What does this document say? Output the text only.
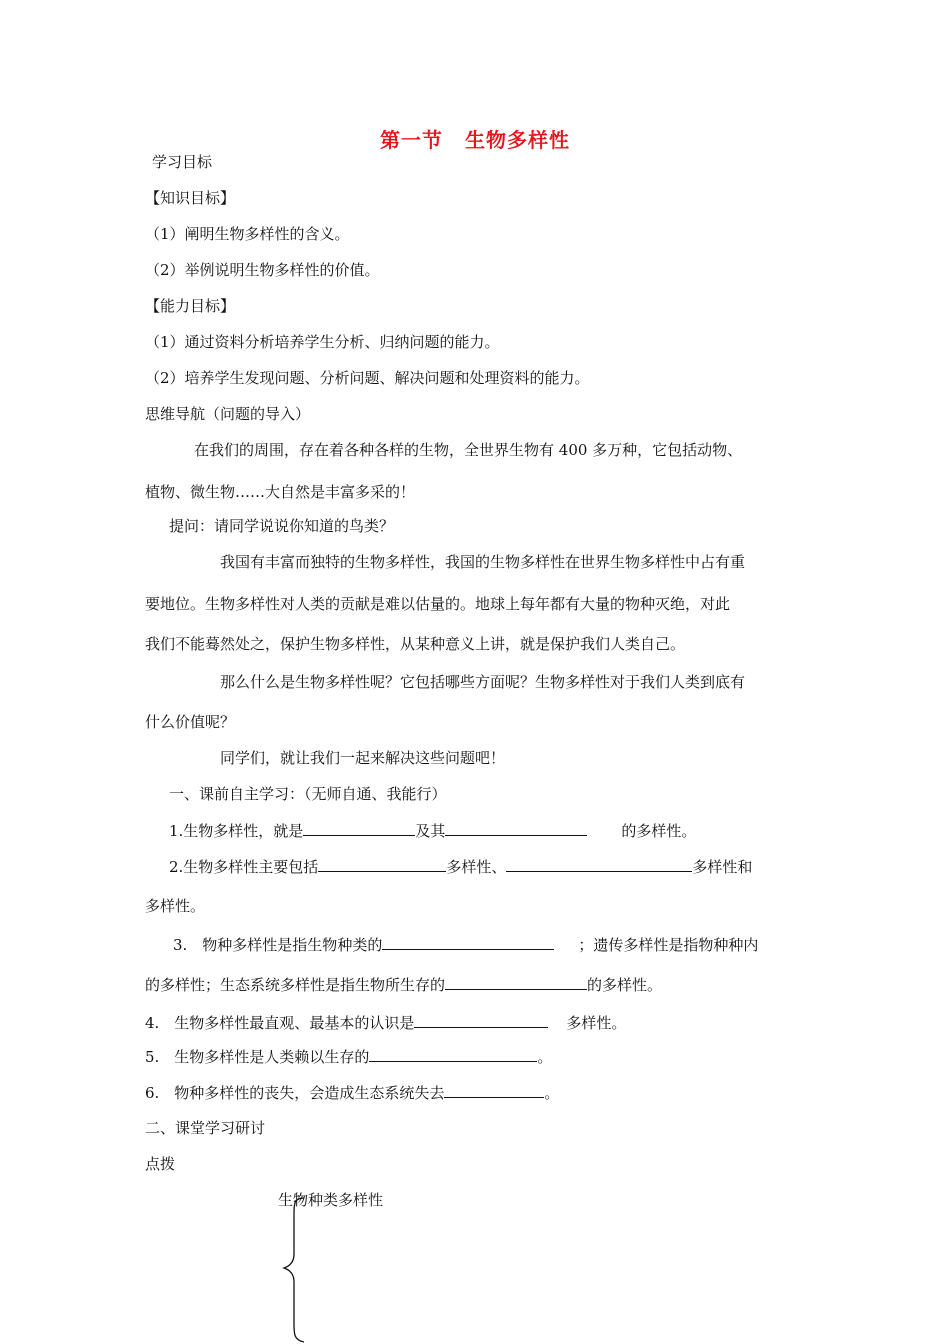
第一节 生物多样性
学习目标
【知识目标】
（1）阐明生物多样性的含义。
（2）举例说明生物多样性的价值。
【能力目标】
（1）通过资料分析培养学生分析、归纳问题的能力。
（2）培养学生发现问题、分析问题、解决问题和处理资料的能力。
思维导航（问题的导入）
在我们的周围，存在着各种各样的生物，全世界生物有 400 多万种，它包括动物、
植物、微生物……大自然是丰富多采的！
提问：请同学说说你知道的鸟类？
我国有丰富而独特的生物多样性，我国的生物多样性在世界生物多样性中占有重
要地位。生物多样性对人类的贡献是难以估量的。地球上每年都有大量的物种灭绝，对此
我们不能蓦然处之，保护生物多样性，从某种意义上讲，就是保护我们人类自己。
那么什么是生物多样性呢？它包括哪些方面呢？生物多样性对于我们人类到底有
什么价值呢？
同学们，就让我们一起来解决这些问题吧！
一、课前自主学习：（无师自通、我能行）
1.生物多样性，就是	及其	的多样性。
2.生物多样性主要包括	多样性、	多样性和
多样性。
3.　物种多样性是指生物种类的	；遗传多样性是指物种种内
的多样性；生态系统多样性是指生物所生存的	的多样性。
4.　生物多样性最直观、最基本的认识是	多样性。
5.　生物多样性是人类赖以生存的	。
6.　物种多样性的丧失，会造成生态系统失去	。
二、课堂学习研讨
点拨
生物种类多样性
